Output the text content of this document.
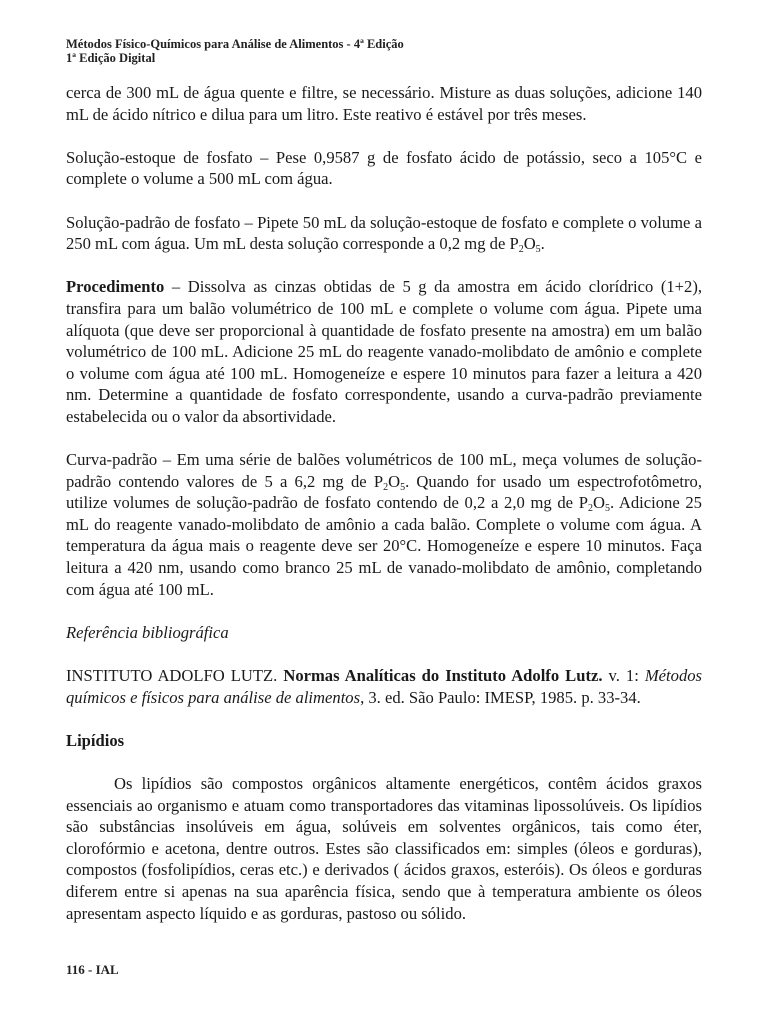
Métodos Físico-Químicos para Análise de Alimentos - 4ª Edição
1ª Edição Digital

cerca de 300 mL de água quente e filtre, se necessário. Misture as duas soluções, adicione 140 mL de ácido nítrico e dilua para um litro. Este reativo é estável por três meses.

Solução-estoque de fosfato – Pese 0,9587 g de fosfato ácido de potássio, seco a 105°C e complete o volume a 500 mL com água.

Solução-padrão de fosfato – Pipete 50 mL da solução-estoque de fosfato e complete o volume a 250 mL com água. Um mL desta solução corresponde a 0,2 mg de $P_2O_5$.

Procedimento – Dissolva as cinzas obtidas de 5 g da amostra em ácido clorídrico (1+2), transfira para um balão volumétrico de 100 mL e complete o volume com água. Pipete uma alíquota (que deve ser proporcional à quantidade de fosfato presente na amostra) em um balão volumétrico de 100 mL. Adicione 25 mL do reagente vanado-molibdato de amônio e complete o volume com água até 100 mL. Homogeneíze e espere 10 minutos para fazer a leitura a 420 nm. Determine a quantidade de fosfato correspondente, usando a curva-padrão previamente estabelecida ou o valor da absortividade.

Curva-padrão – Em uma série de balões volumétricos de 100 mL, meça volumes de solução-padrão contendo valores de 5 a 6,2 mg de $P_2O_5$. Quando for usado um espectrofotômetro, utilize volumes de solução-padrão de fosfato contendo de 0,2 a 2,0 mg de $P_2O_5$. Adicione 25 mL do reagente vanado-molibdato de amônio a cada balão. Complete o volume com água. A temperatura da água mais o reagente deve ser 20°C. Homogeneíze e espere 10 minutos. Faça leitura a 420 nm, usando como branco 25 mL de vanado-molibdato de amônio, completando com água até 100 mL.

Referência bibliográfica

INSTITUTO ADOLFO LUTZ. Normas Analíticas do Instituto Adolfo Lutz. v. 1: Métodos químicos e físicos para análise de alimentos, 3. ed. São Paulo: IMESP, 1985. p. 33-34.

Lipídios

Os lipídios são compostos orgânicos altamente energéticos, contêm ácidos graxos essenciais ao organismo e atuam como transportadores das vitaminas lipossolúveis. Os lipídios são substâncias insolúveis em água, solúveis em solventes orgânicos, tais como éter, clorofórmio e acetona, dentre outros. Estes são classificados em: simples (óleos e gorduras), compostos (fosfolipídios, ceras etc.) e derivados ( ácidos graxos, esteróis). Os óleos e gorduras diferem entre si apenas na sua aparência física, sendo que à temperatura ambiente os óleos apresentam aspecto líquido e as gorduras, pastoso ou sólido.

116 - IAL
